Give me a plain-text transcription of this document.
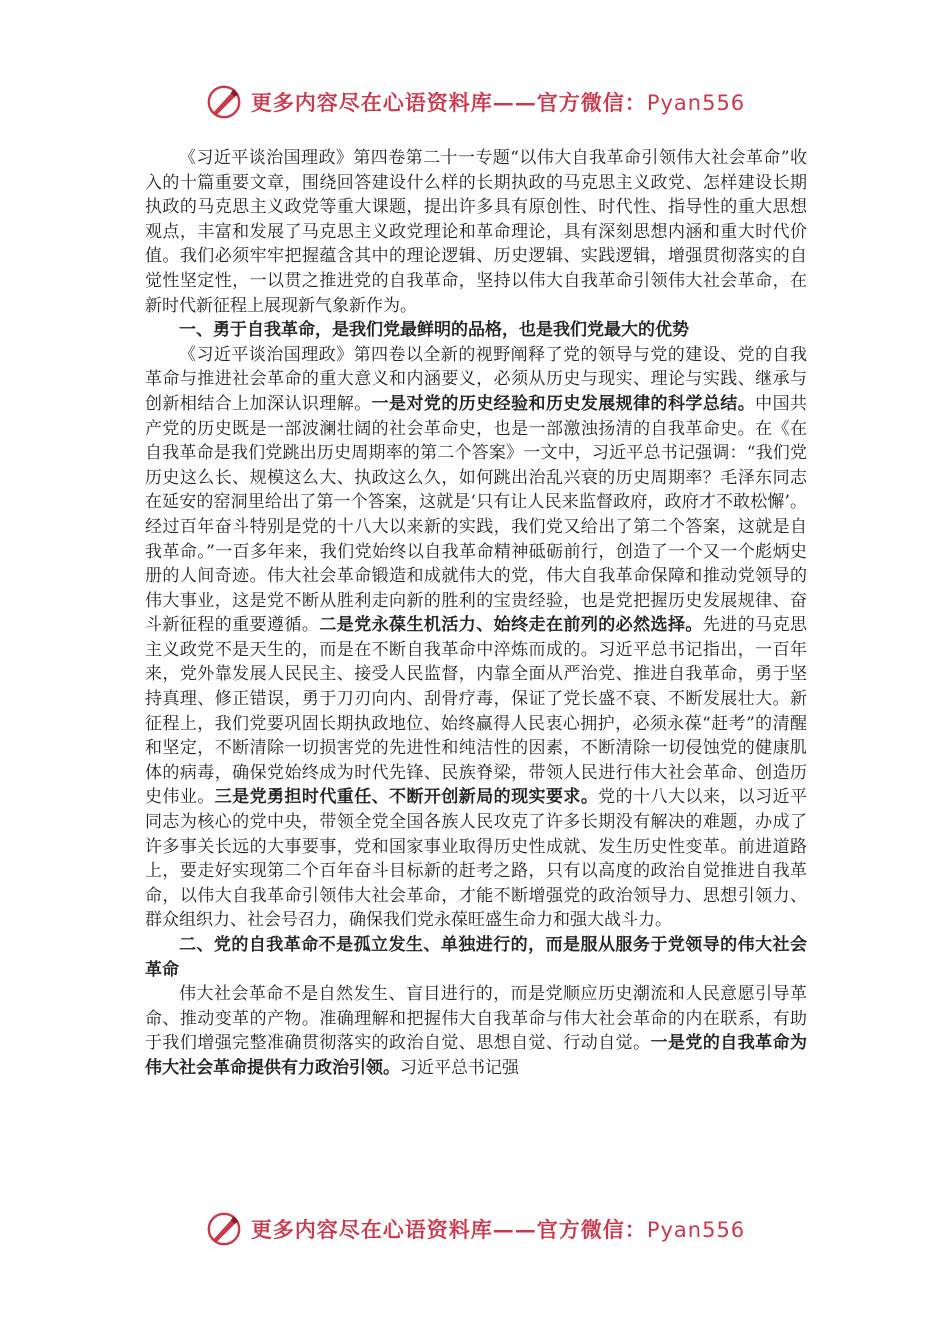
更多内容尽在心语资料库——官方微信：Pyan556

《习近平谈治国理政》第四卷第二十一专题“以伟大自我革命引领伟大社会革命”收入的十篇重要文章，围绕回答建设什么样的长期执政的马克思主义政党、怎样建设长期执政的马克思主义政党等重大课题，提出许多具有原创性、时代性、指导性的重大思想观点，丰富和发展了马克思主义政党理论和革命理论，具有深刻思想内涵和重大时代价值。我们必须牢牢把握蕴含其中的理论逻辑、历史逻辑、实践逻辑，增强贯彻落实的自觉性坚定性，一以贯之推进党的自我革命，坚持以伟大自我革命引领伟大社会革命，在新时代新征程上展现新气象新作为。

一、勇于自我革命，是我们党最鲜明的品格，也是我们党最大的优势

《习近平谈治国理政》第四卷以全新的视野阐释了党的领导与党的建设、党的自我革命与推进社会革命的重大意义和内涵要义，必须从历史与现实、理论与实践、继承与创新相结合上加深认识理解。一是对党的历史经验和历史发展规律的科学总结。中国共产党的历史既是一部波澜壮阔的社会革命史，也是一部激浊扬清的自我革命史。在《在自我革命是我们党跳出历史周期率的第二个答案》一文中，习近平总书记强调：“我们党历史这么长、规模这么大、执政这么久，如何跳出治乱兴衰的历史周期率？毛泽东同志在延安的窑洞里给出了第一个答案，这就是‘只有让人民来监督政府，政府才不敢松懈’。经过百年奋斗特别是党的十八大以来新的实践，我们党又给出了第二个答案，这就是自我革命。”一百多年来，我们党始终以自我革命精神砥砺前行，创造了一个又一个彪炳史册的人间奇迹。伟大社会革命锻造和成就伟大的党，伟大自我革命保障和推动党领导的伟大事业，这是党不断从胜利走向新的胜利的宝贵经验，也是党把握历史发展规律、奋斗新征程的重要遵循。二是党永葆生机活力、始终走在前列的必然选择。先进的马克思主义政党不是天生的，而是在不断自我革命中淬炼而成的。习近平总书记指出，一百年来，党外靠发展人民民主、接受人民监督，内靠全面从严治党、推进自我革命，勇于坚持真理、修正错误，勇于刀刃向内、刮骨疗毒，保证了党长盛不衰、不断发展壮大。新征程上，我们党要巩固长期执政地位、始终赢得人民衷心拥护，必须永葆“赶考”的清醒和坚定，不断清除一切损害党的先进性和纯洁性的因素，不断清除一切侵蚀党的健康肌体的病毒，确保党始终成为时代先锋、民族脊梁，带领人民进行伟大社会革命、创造历史伟业。三是党勇担时代重任、不断开创新局的现实要求。党的十八大以来，以习近平同志为核心的党中央，带领全党全国各族人民攻克了许多长期没有解决的难题，办成了许多事关长远的大事要事，党和国家事业取得历史性成就、发生历史性变革。前进道路上，要走好实现第二个百年奋斗目标新的赶考之路，只有以高度的政治自觉推进自我革命，以伟大自我革命引领伟大社会革命，才能不断增强党的政治领导力、思想引领力、群众组织力、社会号召力，确保我们党永葆旺盛生命力和强大战斗力。

二、党的自我革命不是孤立发生、单独进行的，而是服从服务于党领导的伟大社会革命

伟大社会革命不是自然发生、盲目进行的，而是党顺应历史潮流和人民意愿引导革命、推动变革的产物。准确理解和把握伟大自我革命与伟大社会革命的内在联系，有助于我们增强完整准确贯彻落实的政治自觉、思想自觉、行动自觉。一是党的自我革命为伟大社会革命提供有力政治引领。习近平总书记强

更多内容尽在心语资料库——官方微信：Pyan556
